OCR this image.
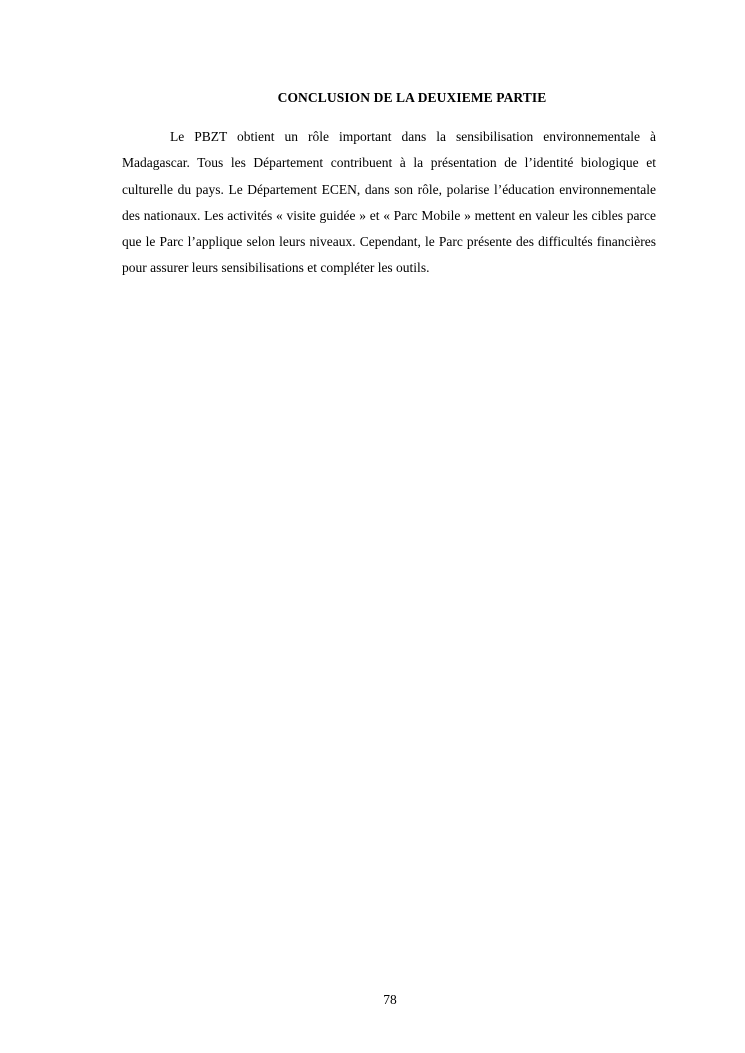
CONCLUSION DE LA DEUXIEME PARTIE

Le PBZT obtient un rôle important dans la sensibilisation environnementale à Madagascar. Tous les Département contribuent à la présentation de l’identité biologique et culturelle du pays. Le Département ECEN, dans son rôle, polarise l’éducation environnementale des nationaux. Les activités « visite guidée » et « Parc Mobile » mettent en valeur les cibles parce que le Parc l’applique selon leurs niveaux. Cependant, le Parc présente des difficultés financières pour assurer leurs sensibilisations et compléter les outils.

78
